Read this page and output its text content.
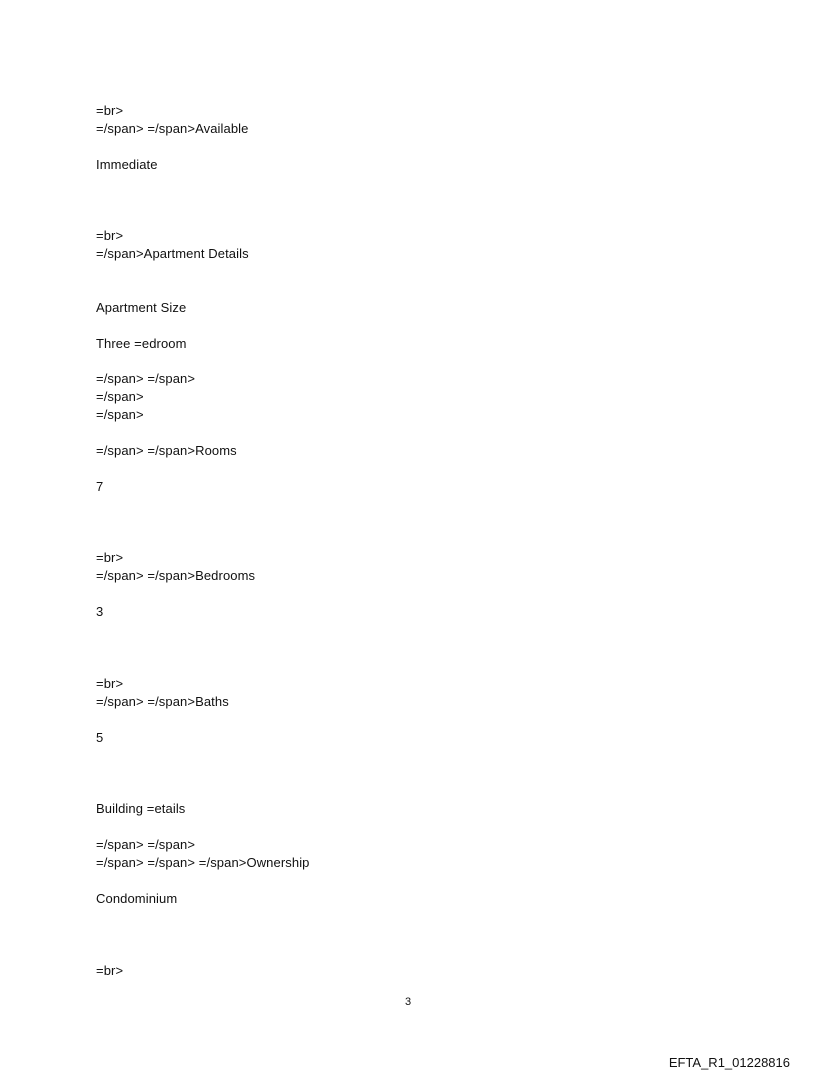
=br>
=/span> =/span>Available
Immediate
=br>
=/span>Apartment Details
Apartment Size
Three =edroom
=/span> =/span>
=/span>
=/span>
=/span> =/span>Rooms
7
=br>
=/span> =/span>Bedrooms
3
=br>
=/span> =/span>Baths
5
Building =etails
=/span> =/span>
=/span> =/span> =/span>Ownership
Condominium
=br>
3
EFTA_R1_01228816
